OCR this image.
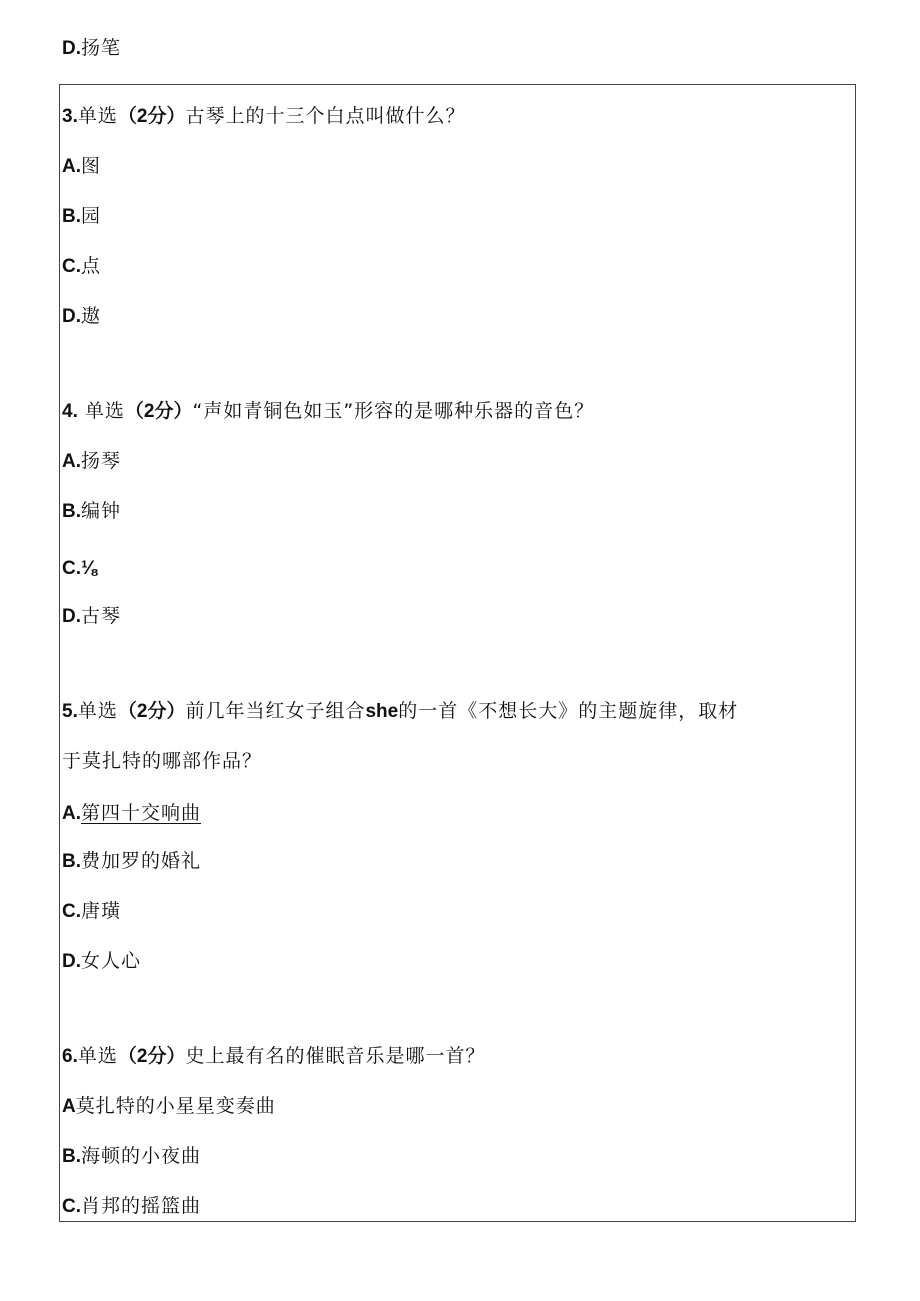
D.扬笔
3.单选（2分）古琴上的十三个白点叫做什么？
A.图
B.园
C.点
D.遨
4. 单选（2分）“声如青铜色如玉”形容的是哪种乐器的音色？
A.扬琴
B.编钟
C.⅛
D.古琴
5.单选（2分）前几年当红女子组合she的一首《不想长大》的主题旋律，取材
于莫扎特的哪部作品？
A.第四十交响曲
B.费加罗的婚礼
C.唐璜
D.女人心
6.单选（2分）史上最有名的催眠音乐是哪一首？
A莫扎特的小星星变奏曲
B.海顿的小夜曲
C.肖邦的摇篮曲
